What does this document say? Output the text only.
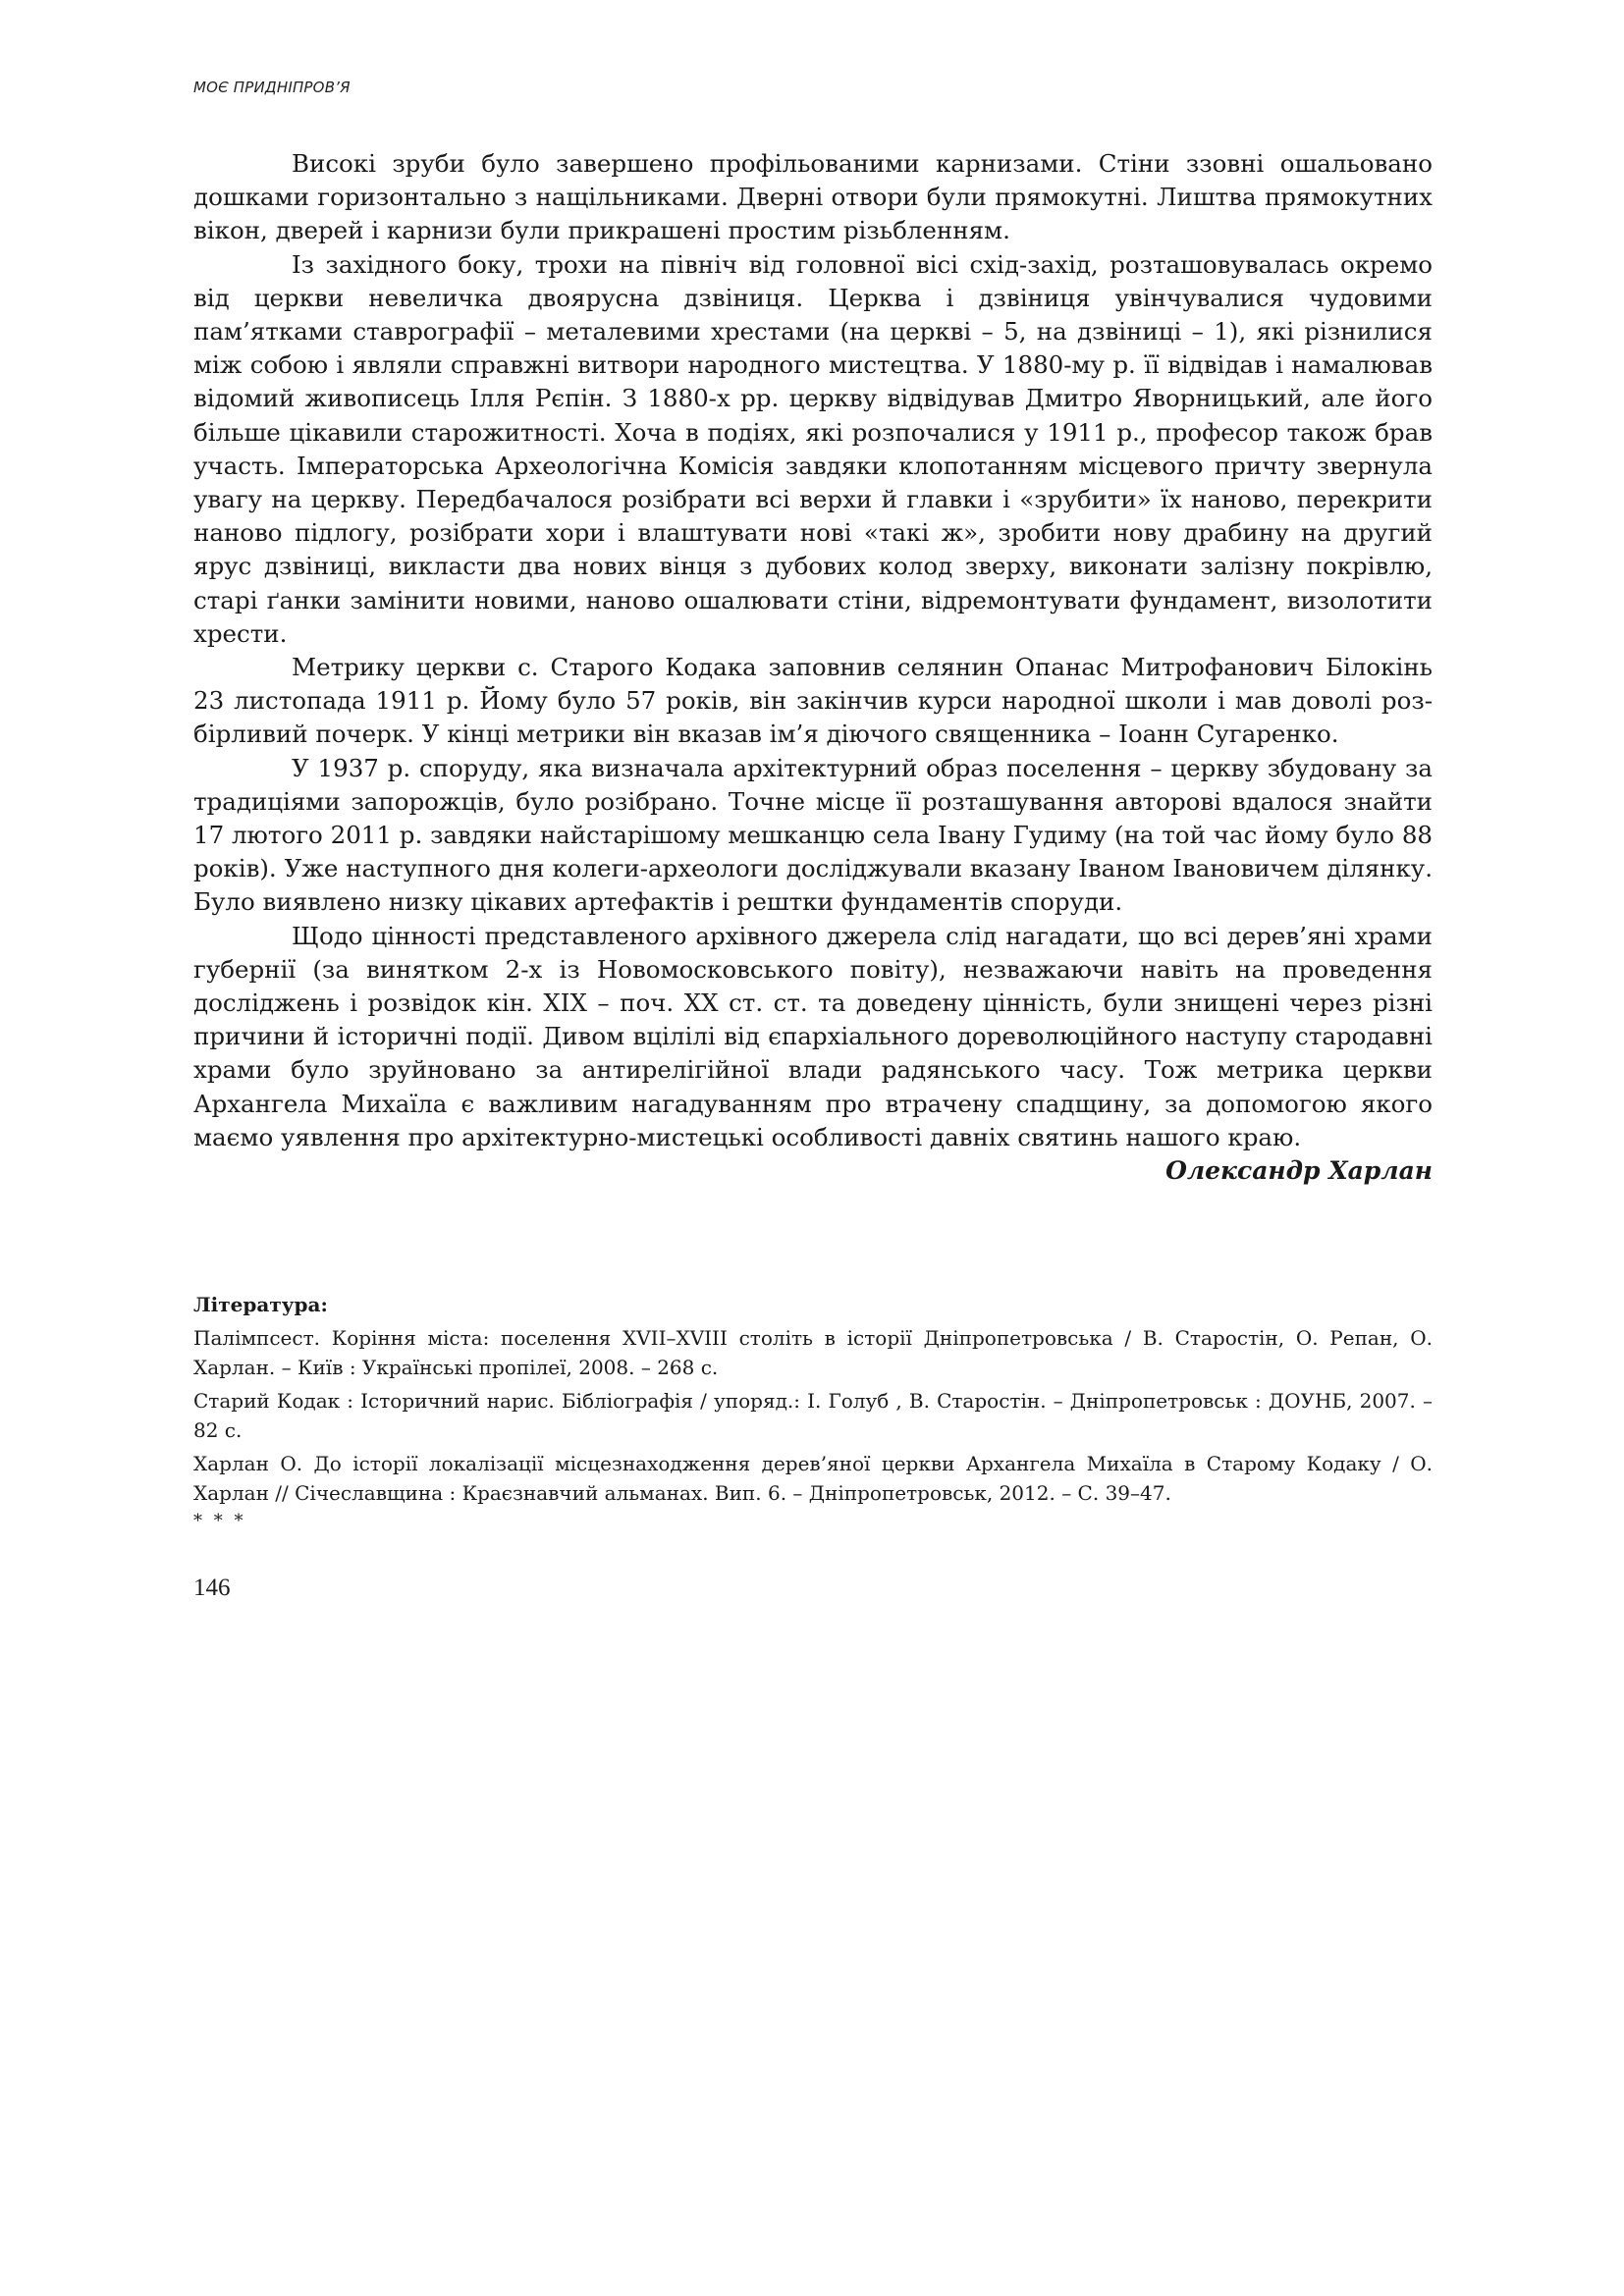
МОЄ ПРИДНІПРОВ’Я

Високі зруби було завершено профільованими карнизами. Стіни ззовні ошальовано дошками горизонтально з нащільниками. Дверні отвори були прямокутні. Лиштва прямокутних вікон, дверей і карнизи були прикрашені простим різьбленням.

Із західного боку, трохи на північ від головної вісі схід-захід, розташовувалась окремо від церкви невеличка двоярусна дзвіниця. Церква і дзвіниця увінчувалися чудовими пам’ятками ставрографії – металевими хрестами (на церкві – 5, на дзвіниці – 1), які різнилися між собою і являли справжні витвори народного мистецтва. У 1880-му р. її відвідав і намалював відомий живописець Ілля Рєпін. З 1880-х рр. церкву відвідував Дмитро Яворницький, але його більше цікавили старожитності. Хоча в подіях, які розпочалися у 1911 р., професор також брав участь. Імператорська Археологічна Комісія завдяки клопотанням місцевого причту звернула увагу на церкву. Передбачалося розібрати всі верхи й главки і «зрубити» їх наново, перекрити наново підлогу, розібрати хори і влаштувати нові «такі ж», зробити нову драбину на другий ярус дзвіниці, викласти два нових вінця з дубових колод зверху, виконати залізну покрівлю, старі ґанки замінити новими, наново ошалювати стіни, відремонтувати фундамент, визолотити хрести.

Метрику церкви с. Старого Кодака заповнив селянин Опанас Митрофанович Білокінь 23 листопада 1911 р. Йому було 57 років, він закінчив курси народної школи і мав доволі розбірливий почерк. У кінці метрики він вказав ім’я діючого священника – Іоанн Сугаренко.

У 1937 р. споруду, яка визначала архітектурний образ поселення – церкву збудовану за традиціями запорожців, було розібрано. Точне місце її розташування авторові вдалося знайти 17 лютого 2011 р. завдяки найстарішому мешканцю села Івану Гудиму (на той час йому було 88 років). Уже наступного дня колеги-археологи досліджували вказану Іваном Івановичем ділянку. Було виявлено низку цікавих артефактів і рештки фундаментів споруди.

Щодо цінності представленого архівного джерела слід нагадати, що всі дерев’яні храми губернії (за винятком 2-х із Новомосковського повіту), незважаючи навіть на проведення досліджень і розвідок кін. ХІХ – поч. ХХ ст. ст. та доведену цінність, були знищені через різні причини й історичні події. Дивом вцілілі від єпархіального дореволюційного наступу стародавні храми було зруйновано за антирелігійної влади радянського часу. Тож метрика церкви Архангела Михаїла є важливим нагадуванням про втрачену спадщину, за допомогою якого маємо уявлення про архітектурно-мистецькі особливості давніх святинь нашого краю.

Олександр Харлан

Література:

Палімпсест. Коріння міста: поселення XVII–XVIII століть в історії Дніпропетровська / В. Старостін, О. Репан, О. Харлан. – Київ : Українські пропілеї, 2008. – 268 с.

Старий Кодак : Історичний нарис. Бібліографія / упоряд.: І. Голуб , В. Старостін. – Дніпропетровськ : ДОУНБ, 2007. – 82 с.

Харлан О. До історії локалізації місцезнаходження дерев’яної церкви Архангела Михаїла в Старому Кодаку / О. Харлан // Січеславщина : Краєзнавчий альманах. Вип. 6. – Дніпропетровськ, 2012. – С. 39–47.

* * *

146
